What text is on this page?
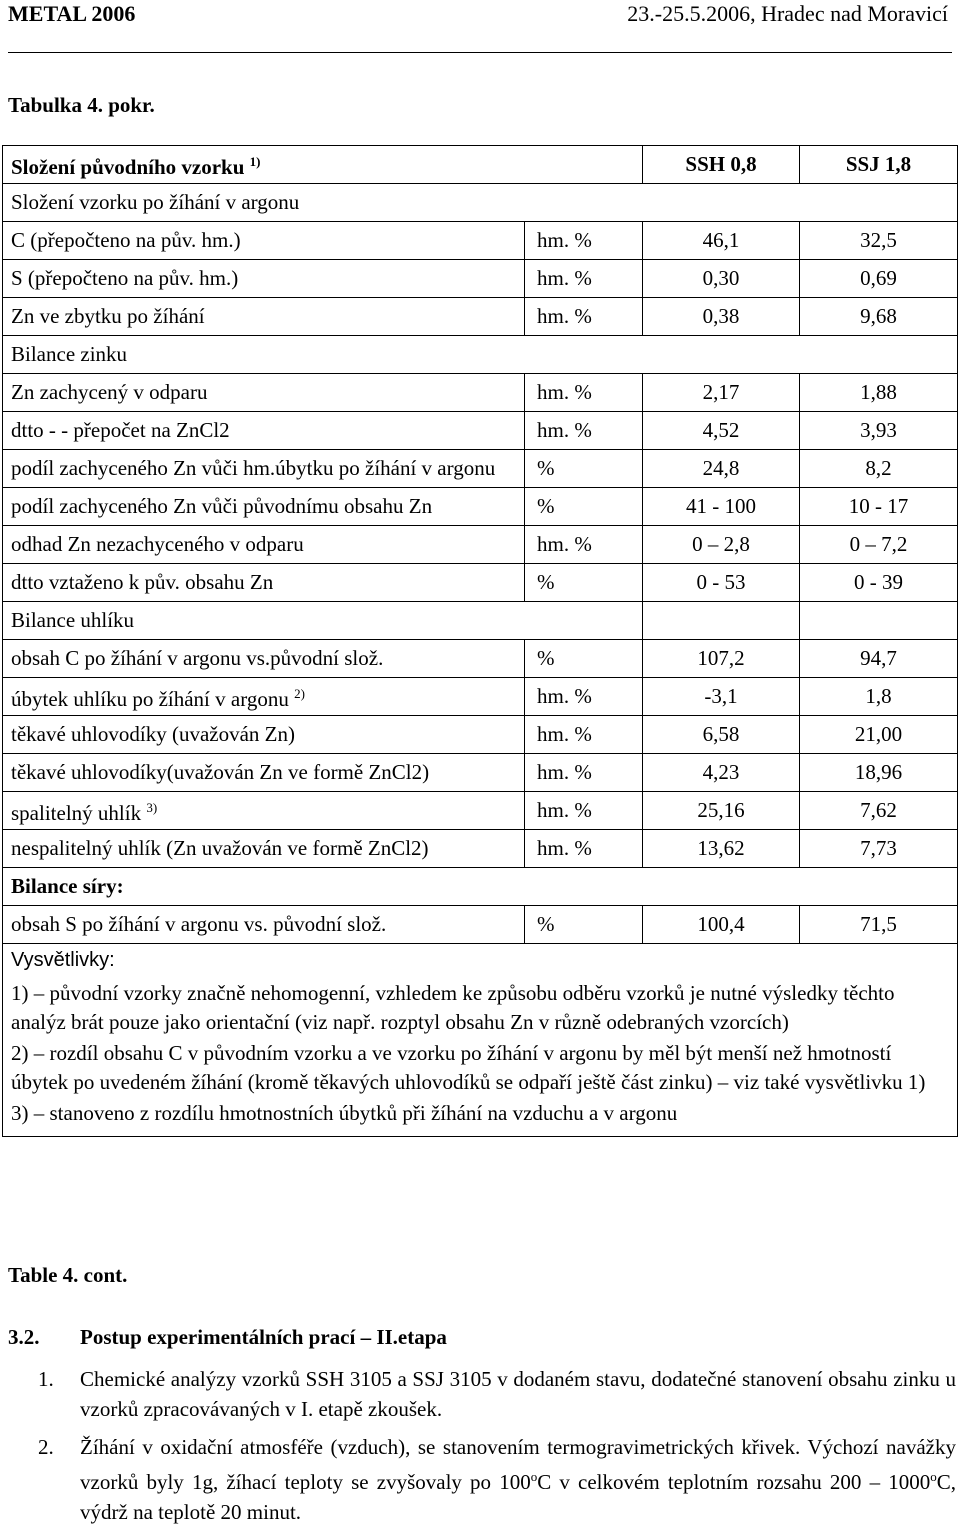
METAL 2006	23.-25.5.2006, Hradec nad Moravicí
Tabulka 4. pokr.
Složení původního vzorku $^{1)}$		SSH 0,8	SSJ 1,8
Složení vzorku po žíhání v argonu			
C (přepočteno na pův. hm.)	hm. %	46,1	32,5
S (přepočteno na pův. hm.)	hm. %	0,30	0,69
Zn ve zbytku po žíhání	hm. %	0,38	9,68
Bilance zinku			
Zn zachycený v odparu	hm. %	2,17	1,88
dtto - - přepočet na ZnCl2	hm. %	4,52	3,93
podíl zachyceného Zn vůči hm.úbytku po žíhání v argonu	%	24,8	8,2
podíl zachyceného Zn vůči původnímu obsahu Zn	%	41 - 100	10 - 17
odhad Zn nezachyceného v odparu	hm. %	0 – 2,8	0 – 7,2
dtto vztaženo k pův. obsahu Zn	%	0 - 53	0 - 39
Bilance uhlíku			
obsah C po žíhání v argonu vs.původní slož.	%	107,2	94,7
úbytek uhlíku po žíhání v argonu $^{2)}$	hm. %	-3,1	1,8
těkavé uhlovodíky (uvažován Zn)	hm. %	6,58	21,00
těkavé uhlovodíky(uvažován Zn ve formě ZnCl2)	hm. %	4,23	18,96
spalitelný uhlík $^{3)}$	hm. %	25,16	7,62
nespalitelný uhlík (Zn uvažován ve formě ZnCl2)	hm. %	13,62	7,73
Bilance síry:			
obsah S po žíhání v argonu vs. původní slož.	%	100,4	71,5

Vysvětlivky:

1) – původní vzorky značně nehomogenní, vzhledem ke způsobu odběru vzorků je nutné výsledky těchto analýz brát pouze jako orientační (viz např. rozptyl obsahu Zn v různě odebraných vzorcích)

2) – rozdíl obsahu C v původním vzorku a ve vzorku po žíhání v argonu by měl být menší než hmotností úbytek po uvedeném žíhání (kromě těkavých uhlovodíků se odpaří ještě část zinku) – viz také vysvětlivku 1)

3) – stanoveno z rozdílu hmotnostních úbytků při žíhání na vzduchu a v argonu			

Table 4. cont.
3.2. Postup experimentálních prací – II.etapa
1. Chemické analýzy vzorků SSH 3105 a SSJ 3105 v dodaném stavu, dodatečné stanovení obsahu zinku u vzorků zpracovávaných v I. etapě zkoušek.
2. Žíhání v oxidační atmosféře (vzduch), se stanovením termogravimetrických křivek. Výchozí navážky vzorků byly 1g, žíhací teploty se zvyšovaly po 100$^o$C v celkovém teplotním rozsahu 200 – 1000$^o$C, výdrž na teplotě 20 minut.
